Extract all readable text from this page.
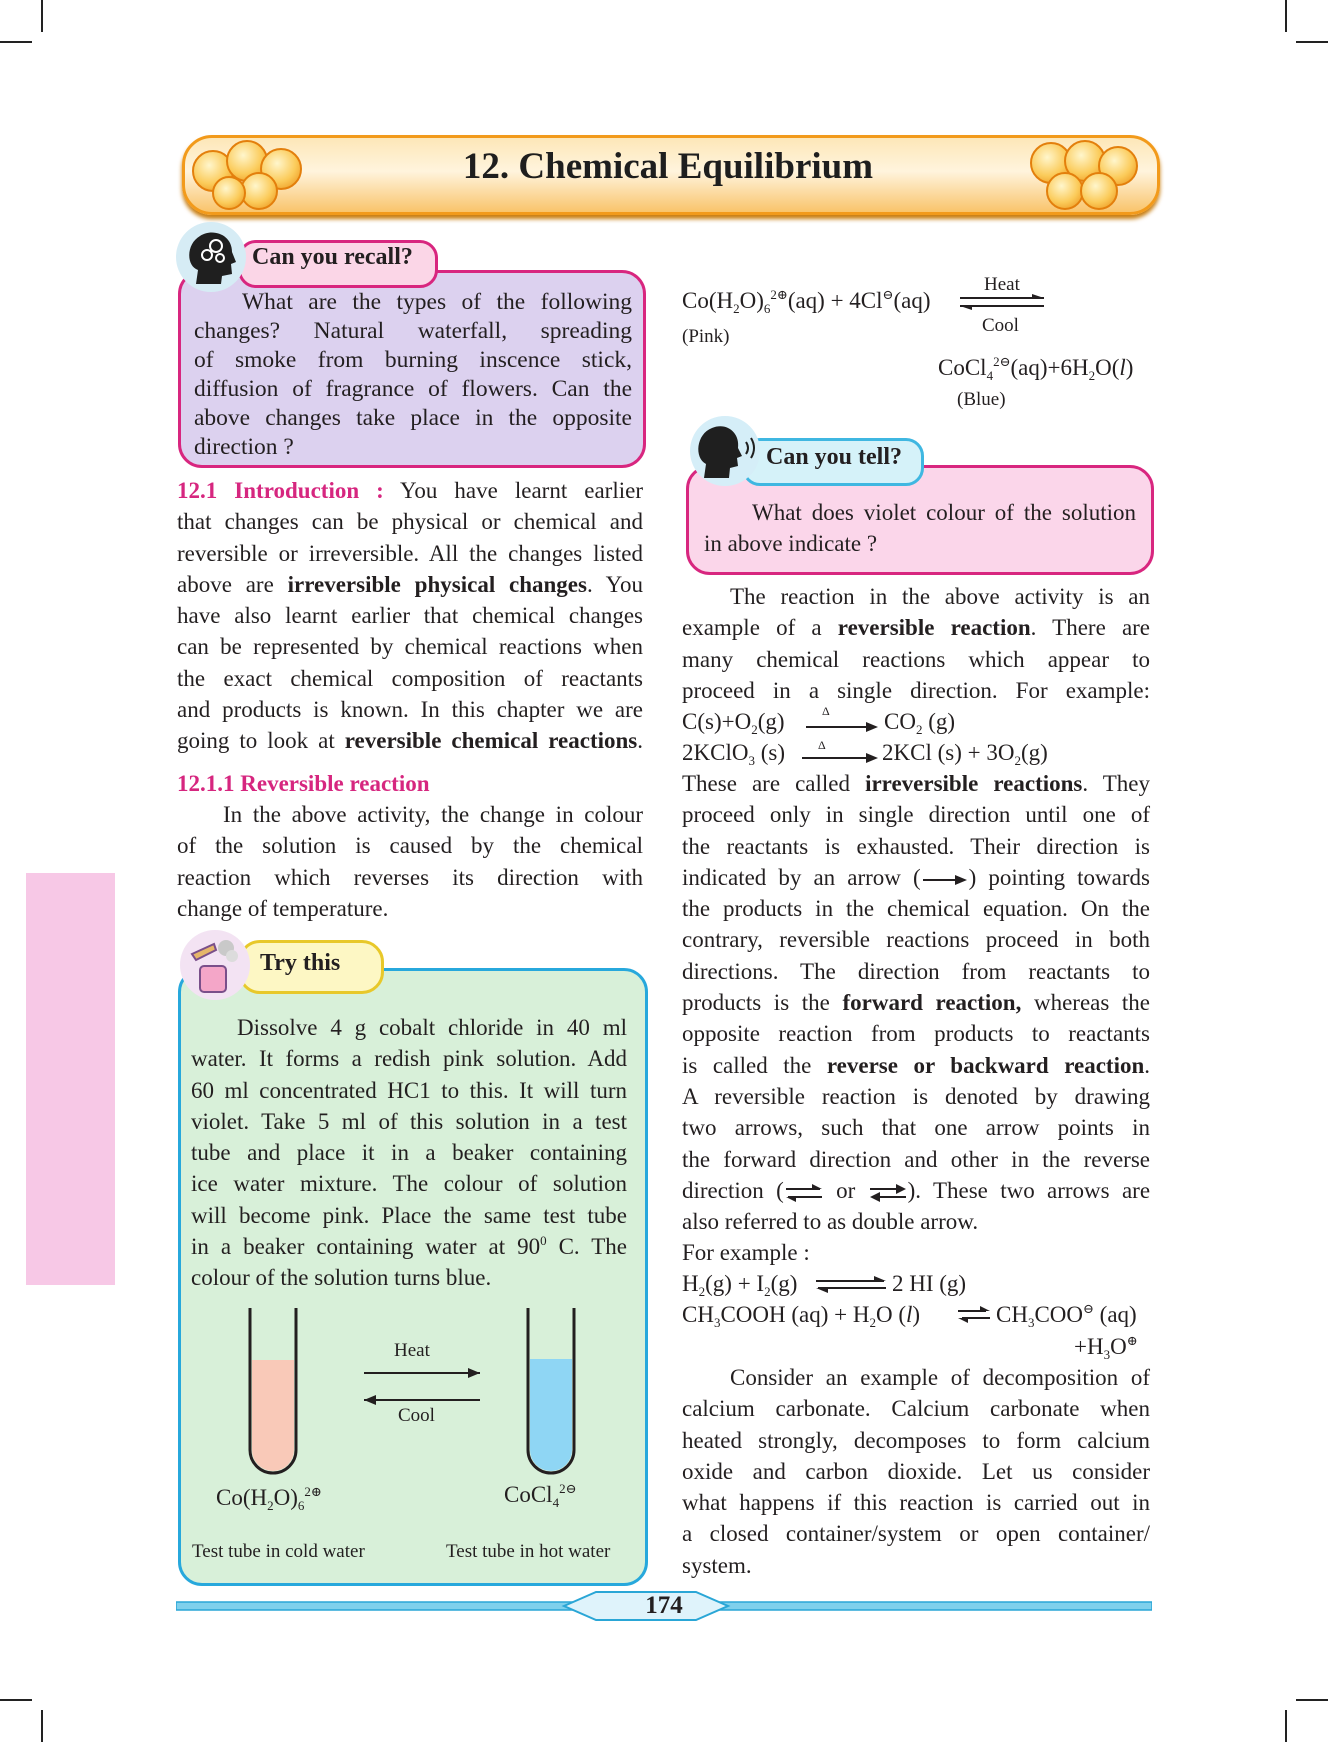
12. Chemical Equilibrium
Can you recall?
What are the types of the following
changes? Natural waterfall, spreading
of smoke from burning inscence stick,
diffusion of fragrance of flowers. Can the
above changes take place in the opposite
direction ?
12.1 Introduction : You have learnt earlier
that changes can be physical or chemical and
reversible or irreversible. All the changes listed
above are irreversible physical changes. You
have also learnt earlier that chemical changes
can be represented by chemical reactions when
the exact chemical composition of reactants
and products is known. In this chapter we are
going to look at reversible chemical reactions.
12.1.1 Reversible reaction
In the above activity, the change in colour
of the solution is caused by the chemical
reaction which reverses its direction with
change of temperature.
Try this
Dissolve 4 g cobalt chloride in 40 ml
water. It forms a redish pink solution. Add
60 ml concentrated HC1 to this. It will turn
violet. Take 5 ml of this solution in a test
tube and place it in a beaker containing
ice water mixture. The colour of solution
will become pink. Place the same test tube
in a beaker containing water at $90^0$ C. The
colour of the solution turns blue.
Heat
Cool
$Co(H_2O)_6^{2\oplus}$	CoCl$_4^{2⊖}$
Test tube in cold water	Test tube in hot water
$Co(H_2O)_6^{2\oplus}(aq) + 4Cl^⊖(aq)$
Heat
Cool
(Pink)
$CoCl_4^{2⊖}(aq)+6H_2O(l)$
(Blue)
Can you tell?
What does violet colour of the solution
in above indicate ?
The reaction in the above activity is an
example of a reversible reaction. There are
many chemical reactions which appear to
proceed in a single direction. For example:
$C(s)+O_2(g)$	Δ $CO_2$ (g)
2KClO$_3$ (s)	Δ 2KCl $(s) + 3O_2(g)$
These are called irreversible reactions. They
proceed only in single direction until one of
the reactants is exhausted. Their direction is
indicated by an arrow ( ) pointing towards
the products in the chemical equation. On the
contrary, reversible reactions proceed in both
directions. The direction from reactants to
products is the forward reaction, whereas the
opposite reaction from products to reactants
is called the reverse or backward reaction.
A reversible reaction is denoted by drawing
two arrows, such that one arrow points in
the forward direction and other in the reverse
direction ( or ). These two arrows are
also referred to as double arrow.
For example :
$H_2(g) + I_2(g)$	2 HI (g)
$CH_3COOH$ $(aq) + H_2O$ (l) ⇌ $CH_3COO^⊖$ (aq)
$+H_3O^\oplus$
Consider an example of decomposition of
calcium carbonate. Calcium carbonate when
heated strongly, decomposes to form calcium
oxide and carbon dioxide. Let us consider
what happens if this reaction is carried out in
a closed container/system or open container/
system.
174
